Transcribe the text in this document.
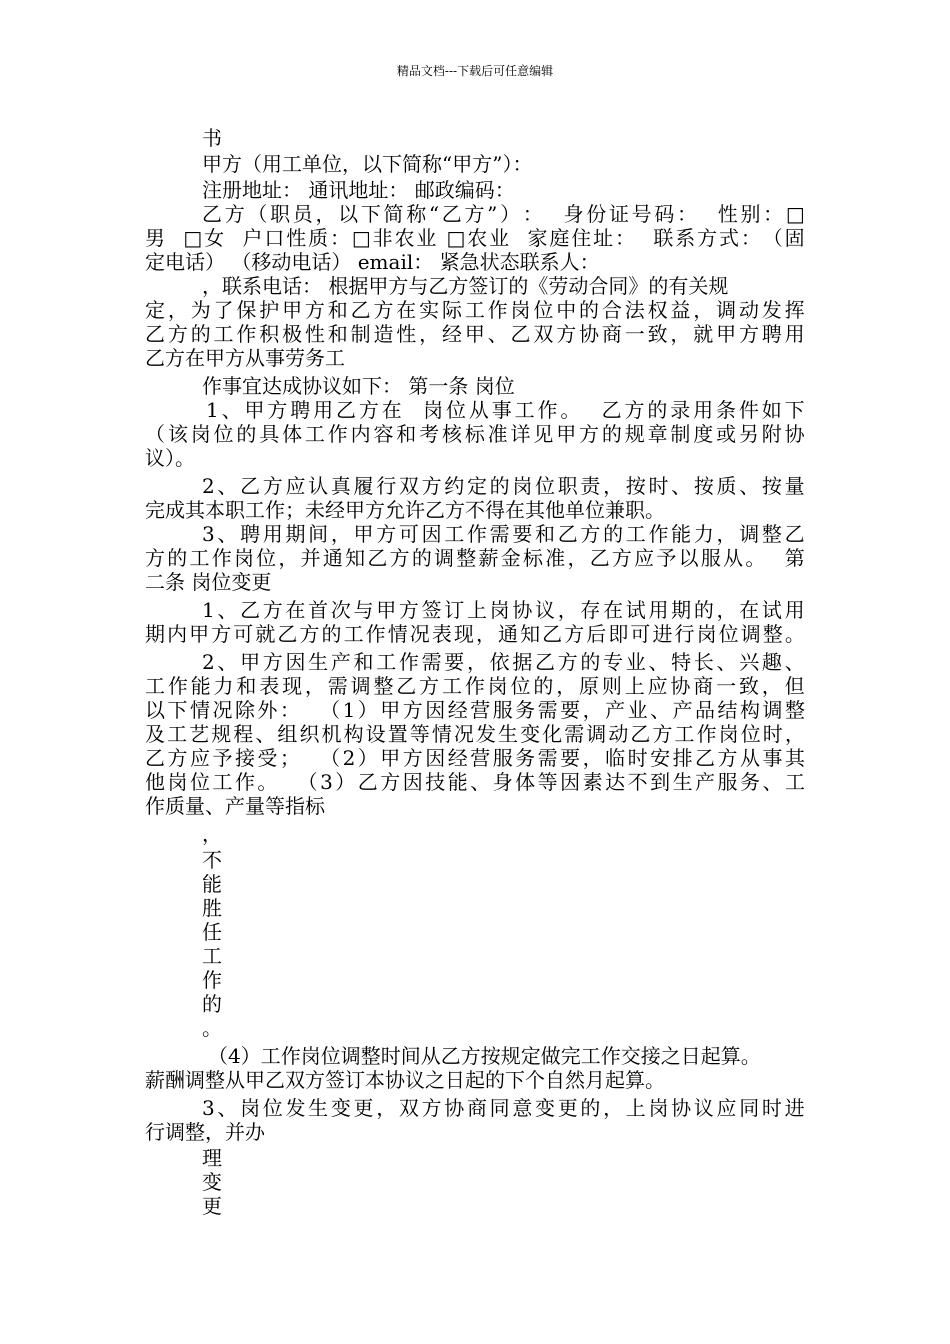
精品文档---下载后可任意编辑
书
甲方（用工单位，以下简称“甲方”）：
注册地址： 通讯地址： 邮政编码：
乙 方 （ 职 员 ， 以 下 简 称 “ 乙 方 ” ） ：

身 份 证 号 码 ：

性 别 ： □
男

□ 女

户 口 性 质 ： □ 非 农 业
□ 农 业

家 庭 住 址 ：

联 系 方 式 ： （ 固
定电话） （移动电话） email： 紧急状态联系人：
，联系电话： 根据甲方与乙方签订的《劳动合同》的有关规
定 ， 为 了 保 护 甲 方 和 乙 方 在 实 际 工 作 岗 位 中 的 合 法 权 益 ， 调 动 发 挥
乙 方 的 工 作 积 极 性 和 制 造 性 ， 经 甲 、 乙 双 方 协 商 一 致 ， 就 甲 方 聘 用
乙方在甲方从事劳务工
作事宜达成协议如下： 第一条 岗位
1 、 甲 方 聘 用 乙 方 在

岗 位 从 事 工 作 。

乙 方 的 录 用 条 件 如 下
（ 该 岗 位 的 具 体 工 作 内 容 和 考 核 标 准 详 见 甲 方 的 规 章 制 度 或 另 附 协
议）。
2 、 乙 方 应 认 真 履 行 双 方 约 定 的 岗 位 职 责 ， 按 时 、 按 质 、 按 量
完成其本职工作；未经甲方允许乙方不得在其他单位兼职。
3 、 聘 用 期 间 ， 甲 方 可 因 工 作 需 要 和 乙 方 的 工 作 能 力 ， 调 整 乙
方 的 工 作 岗 位 ， 并 通 知 乙 方 的 调 整 薪 金 标 准 ， 乙 方 应 予 以 服 从 。

第
二条 岗位变更
1 、 乙 方 在 首 次 与 甲 方 签 订 上 岗 协 议 ， 存 在 试 用 期 的 ， 在 试 用
期 内 甲 方 可 就 乙 方 的 工 作 情 况 表 现 ， 通 知 乙 方 后 即 可 进 行 岗 位 调 整 。
2 、 甲 方 因 生 产 和 工 作 需 要 ， 依 据 乙 方 的 专 业 、 特 长 、 兴 趣 、
工 作 能 力 和 表 现 ， 需 调 整 乙 方 工 作 岗 位 的 ， 原 则 上 应 协 商 一 致 ， 但
以 下 情 况 除 外 ：

（ 1 ） 甲 方 因 经 营 服 务 需 要 ， 产 业 、 产 品 结 构 调 整
及 工 艺 规 程 、 组 织 机 构 设 置 等 情 况 发 生 变 化 需 调 动 乙 方 工 作 岗 位 时 ，
乙 方 应 予 接 受 ；

（ 2 ） 甲 方 因 经 营 服 务 需 要 ， 临 时 安 排 乙 方 从 事 其
他 岗 位 工 作 。

（ 3 ） 乙 方 因 技 能 、 身 体 等 因 素 达 不 到 生 产 服 务 、 工
作质量、产量等指标
，
不
能
胜
任
工
作
的
。
（4）工作岗位调整时间从乙方按规定做完工作交接之日起算。
薪酬调整从甲乙双方签订本协议之日起的下个自然月起算。
3 、 岗 位 发 生 变 更 ， 双 方 协 商 同 意 变 更 的 ， 上 岗 协 议 应 同 时 进
行调整，并办
理
变
更
